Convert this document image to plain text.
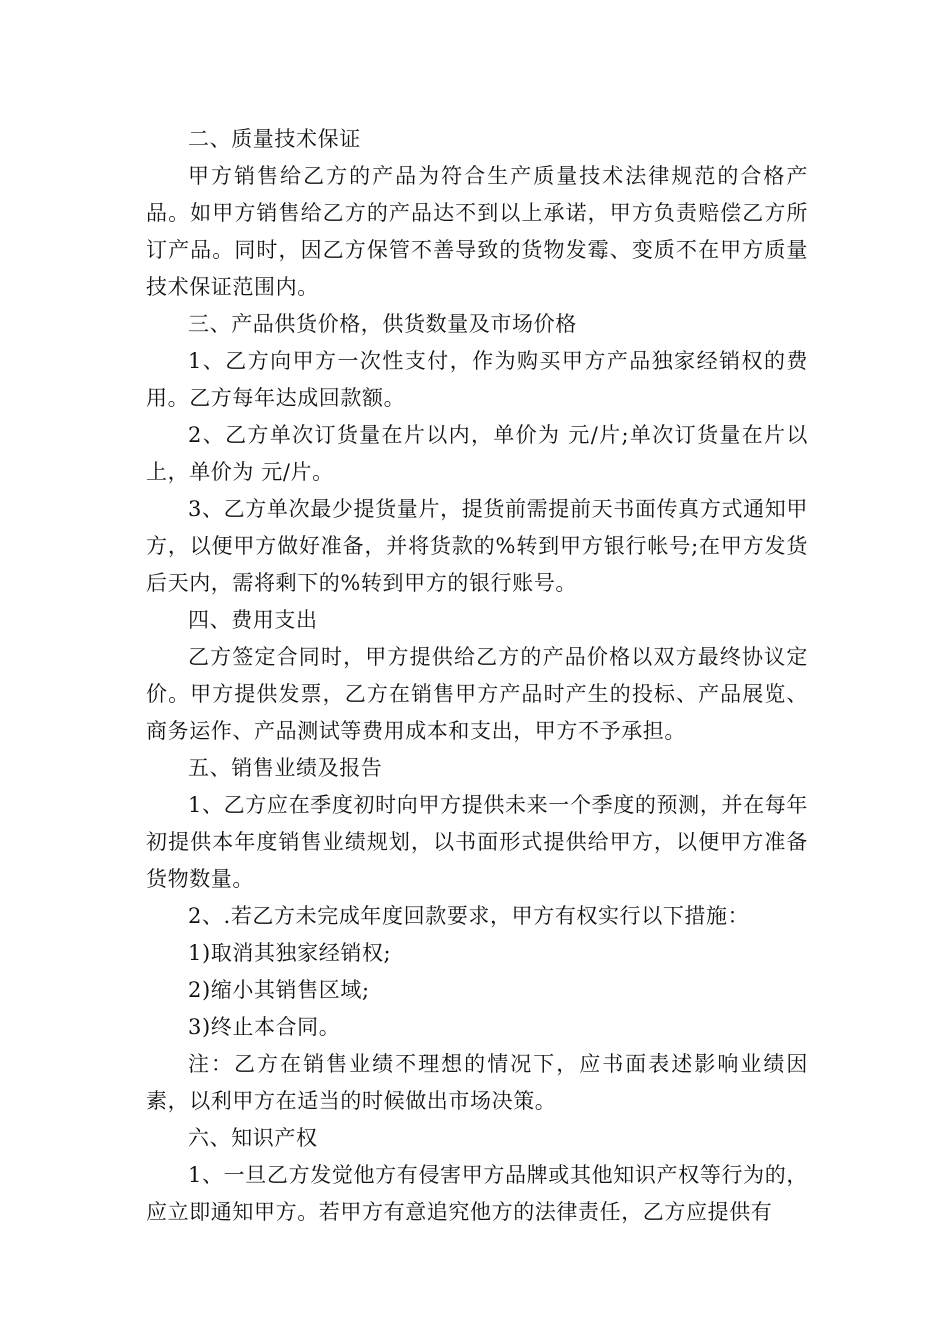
二、质量技术保证

甲方销售给乙方的产品为符合生产质量技术法律规范的合格产品。如甲方销售给乙方的产品达不到以上承诺，甲方负责赔偿乙方所订产品。同时，因乙方保管不善导致的货物发霉、变质不在甲方质量技术保证范围内。

三、产品供货价格，供货数量及市场价格

1、乙方向甲方一次性支付，作为购买甲方产品独家经销权的费用。乙方每年达成回款额。

2、乙方单次订货量在片以内，单价为 元/片;单次订货量在片以上，单价为 元/片。

3、乙方单次最少提货量片，提货前需提前天书面传真方式通知甲方，以便甲方做好准备，并将货款的%转到甲方银行帐号;在甲方发货后天内，需将剩下的%转到甲方的银行账号。

四、费用支出

乙方签定合同时，甲方提供给乙方的产品价格以双方最终协议定价。甲方提供发票，乙方在销售甲方产品时产生的投标、产品展览、商务运作、产品测试等费用成本和支出，甲方不予承担。

五、销售业绩及报告

1、乙方应在季度初时向甲方提供未来一个季度的预测，并在每年初提供本年度销售业绩规划，以书面形式提供给甲方，以便甲方准备货物数量。

2、.若乙方未完成年度回款要求，甲方有权实行以下措施：

1)取消其独家经销权;

2)缩小其销售区域;

3)终止本合同。

注：乙方在销售业绩不理想的情况下，应书面表述影响业绩因素，以利甲方在适当的时候做出市场决策。

六、知识产权

1、一旦乙方发觉他方有侵害甲方品牌或其他知识产权等行为的，应立即通知甲方。若甲方有意追究他方的法律责任，乙方应提供有
